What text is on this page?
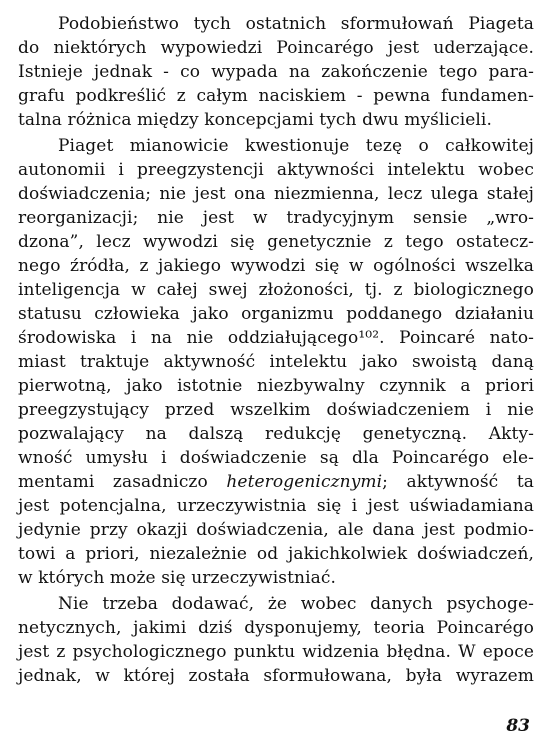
Podobieństwo tych ostatnich sformułowań Piageta
do niektórych wypowiedzi Poincarégo jest uderzające.
Istnieje jednak - co wypada na zakończenie tego para-
grafu podkreślić z całym naciskiem - pewna fundamen-
talna różnica między koncepcjami tych dwu myślicieli.
Piaget mianowicie kwestionuje tezę o całkowitej
autonomii i preegzystencji aktywności intelektu wobec
doświadczenia; nie jest ona niezmienna, lecz ulega stałej
reorganizacji; nie jest w tradycyjnym sensie „wro-
dzona”, lecz wywodzi się genetycznie z tego ostatecz-
nego źródła, z jakiego wywodzi się w ogólności wszelka
inteligencja w całej swej złożoności, tj. z biologicznego
statusu człowieka jako organizmu poddanego działaniu
środowiska i na nie oddziałującego¹⁰². Poincaré nato-
miast traktuje aktywność intelektu jako swoistą daną
pierwotną, jako istotnie niezbywalny czynnik a priori
preegzystujący przed wszelkim doświadczeniem i nie
pozwalający na dalszą redukcję genetyczną. Akty-
wność umysłu i doświadczenie są dla Poincarégo ele-
mentami zasadniczo heterogenicznymi; aktywność ta
jest potencjalna, urzeczywistnia się i jest uświadamiana
jedynie przy okazji doświadczenia, ale dana jest podmio-
towi a priori, niezależnie od jakichkolwiek doświadczeń,
w których może się urzeczywistniać.
Nie trzeba dodawać, że wobec danych psychoge-
netycznych, jakimi dziś dysponujemy, teoria Poincarégo
jest z psychologicznego punktu widzenia błędna. W epoce
jednak, w której została sformułowana, była wyrazem
83
